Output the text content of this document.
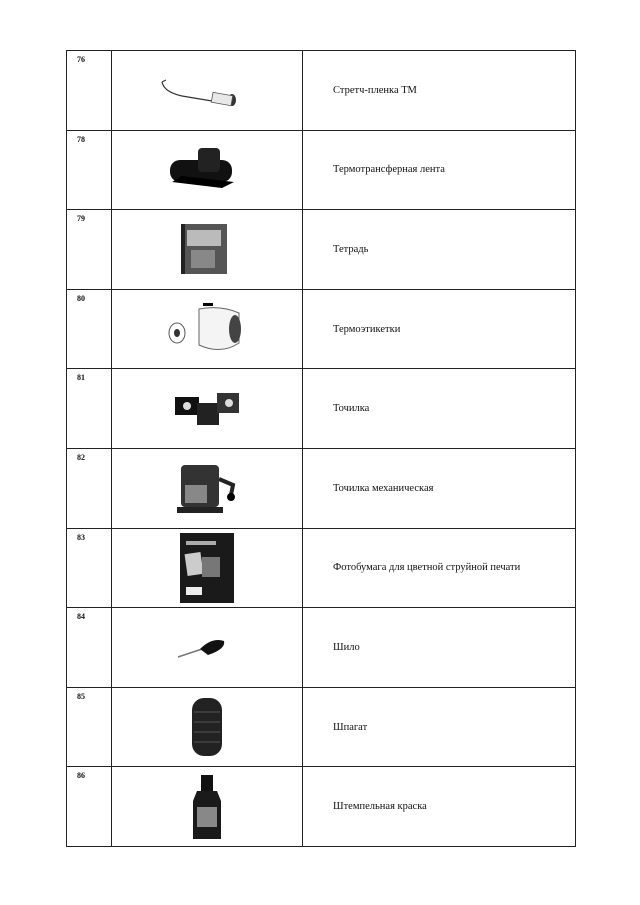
76		Стретч-пленка ТМ
78		Термотрансферная лента
79		Тетрадь
80		Термоэтикетки
81		Точилка
82		Точилка механическая
83		Фотобумага для цветной струйной печати
84		Шило
85		Шпагат
86		Штемпельная краска
